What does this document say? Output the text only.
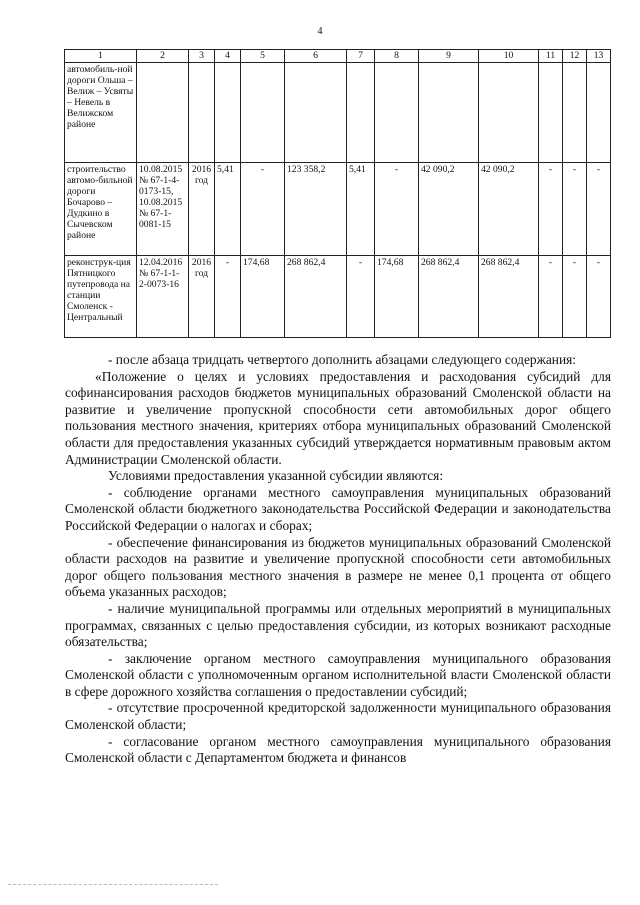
4
1	2	3	4	5	6	7	8	9	10	11	12	13
автомобиль-ной дороги Ольша – Велиж – Усвяты – Невель в Велижском районе												
строительство автомо-бильной дороги Бочарово – Дудкино в Сычевском районе	10.08.2015 № 67-1-4-0173-15, 10.08.2015 № 67-1-0081-15	2016 год	5,41	-	123 358,2	5,41	-	42 090,2	42 090,2	-	-	-
реконструк-ция Пятницкого путепровода на станции Смоленск - Центральный	12.04.2016 № 67-1-1-2-0073-16	2016 год	-	174,68	268 862,4	-	174,68	268 862,4	268 862,4	-	-	-

- после абзаца тридцать четвертого дополнить абзацами следующего содержания:

«Положение о целях и условиях предоставления и расходования субсидий для софинансирования расходов бюджетов муниципальных образований Смоленской области на развитие и увеличение пропускной способности сети автомобильных дорог общего пользования местного значения, критериях отбора муниципальных образований Смоленской области для предоставления указанных субсидий утверждается нормативным правовым актом Администрации Смоленской области.

Условиями предоставления указанной субсидии являются:

- соблюдение органами местного самоуправления муниципальных образований Смоленской области бюджетного законодательства Российской Федерации и законодательства Российской Федерации о налогах и сборах;

- обеспечение финансирования из бюджетов муниципальных образований Смоленской области расходов на развитие и увеличение пропускной способности сети автомобильных дорог общего пользования местного значения в размере не менее 0,1 процента от общего объема указанных расходов;

- наличие муниципальной программы или отдельных мероприятий в муниципальных программах, связанных с целью предоставления субсидии, из которых возникают расходные обязательства;

- заключение органом местного самоуправления муниципального образования Смоленской области с уполномоченным органом исполнительной власти Смоленской области в сфере дорожного хозяйства соглашения о предоставлении субсидий;

- отсутствие просроченной кредиторской задолженности муниципального образования Смоленской области;

- согласование органом местного самоуправления муниципального образования Смоленской области с Департаментом бюджета и финансов
